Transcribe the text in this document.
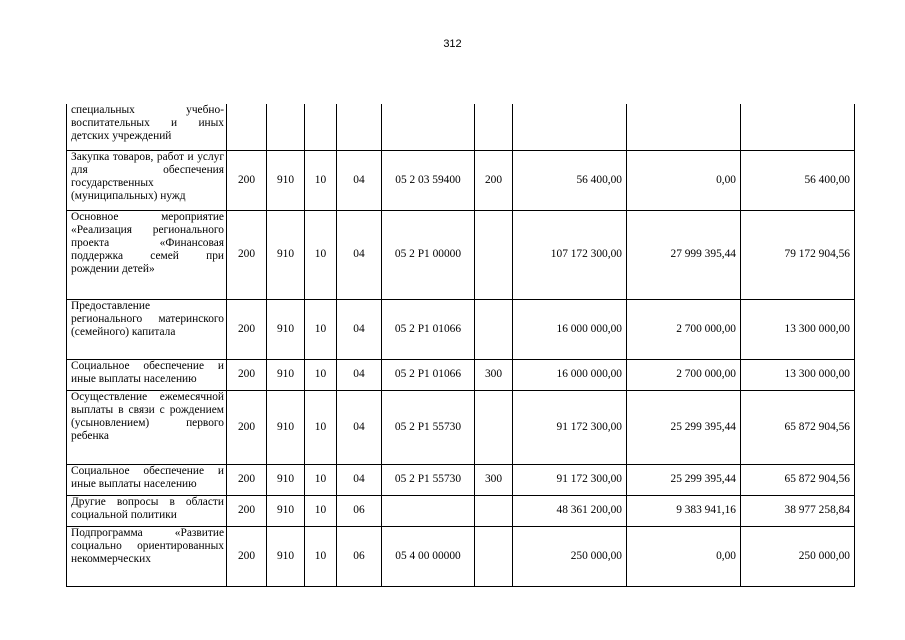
312
специальных учебно-воспитательных и иных детских учреждений									
Закупка товаров, работ и услуг для обеспечения государственных (муниципальных) нужд	200	910	10	04	05 2 03 59400	200	56 400,00	0,00	56 400,00
Основное мероприятие «Реализация регионального проекта «Финансовая поддержка семей при рождении детей»	200	910	10	04	05 2 P1 00000		107 172 300,00	27 999 395,44	79 172 904,56
Предоставление регионального материнского (семейного) капитала	200	910	10	04	05 2 P1 01066		16 000 000,00	2 700 000,00	13 300 000,00
Социальное обеспечение и иные выплаты населению	200	910	10	04	05 2 P1 01066	300	16 000 000,00	2 700 000,00	13 300 000,00
Осуществление ежемесячной выплаты в связи с рождением (усыновлением) первого ребенка	200	910	10	04	05 2 P1 55730		91 172 300,00	25 299 395,44	65 872 904,56
Социальное обеспечение и иные выплаты населению	200	910	10	04	05 2 P1 55730	300	91 172 300,00	25 299 395,44	65 872 904,56
Другие вопросы в области социальной политики	200	910	10	06			48 361 200,00	9 383 941,16	38 977 258,84
Подпрограмма «Развитие социально ориентированных некоммерческих	200	910	10	06	05 4 00 00000		250 000,00	0,00	250 000,00
